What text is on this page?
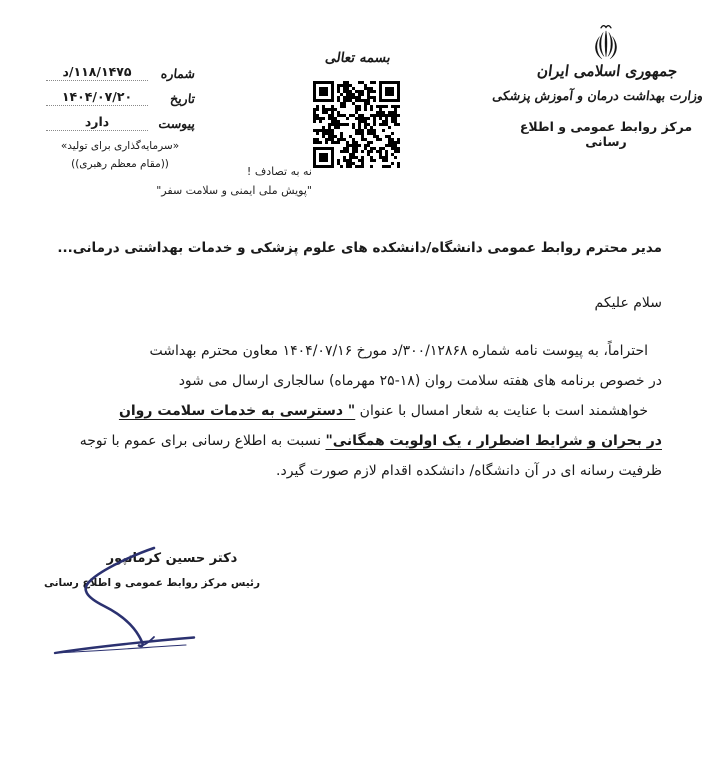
شماره
۱۱۸/۱۴۷۵/د
تاریخ
۱۴۰۴/۰۷/۲۰
پیوست
دارد
«سرمایه‌گذاری برای تولید»
((مقام معظم رهبری))
بسمه تعالی
نه به تصادف !
"پویش ملی ایمنی و سلامت سفر"
جمهوری اسلامی ایران
وزارت بهداشت درمان و آموزش پزشکی
مرکز روابط عمومی و اطلاع رسانی
مدیر محترم روابط عمومی دانشگاه/دانشکده های علوم پزشکی و خدمات بهداشتی درمانی...
سلام علیکم
احتراماً، به پیوست نامه شماره ۳۰۰/۱۲۸۶۸/د مورخ ۱۴۰۴/۰۷/۱۶ معاون محترم بهداشت
در خصوص برنامه های هفته سلامت روان (۱۸-۲۵ مهرماه) سالجاری ارسال می شود
خواهشمند است با عنایت به شعار امسال با عنوان " دسترسی به خدمات سلامت روان
در بحران و شرایط اضطرار ، یک اولویت همگانی" نسبت به اطلاع رسانی برای عموم با توجه
ظرفیت رسانه ای در آن دانشگاه/ دانشکده اقدام لازم صورت گیرد.
دکتر حسین کرمانپور
رئیس مرکز روابط عمومی و اطلاع رسانی
